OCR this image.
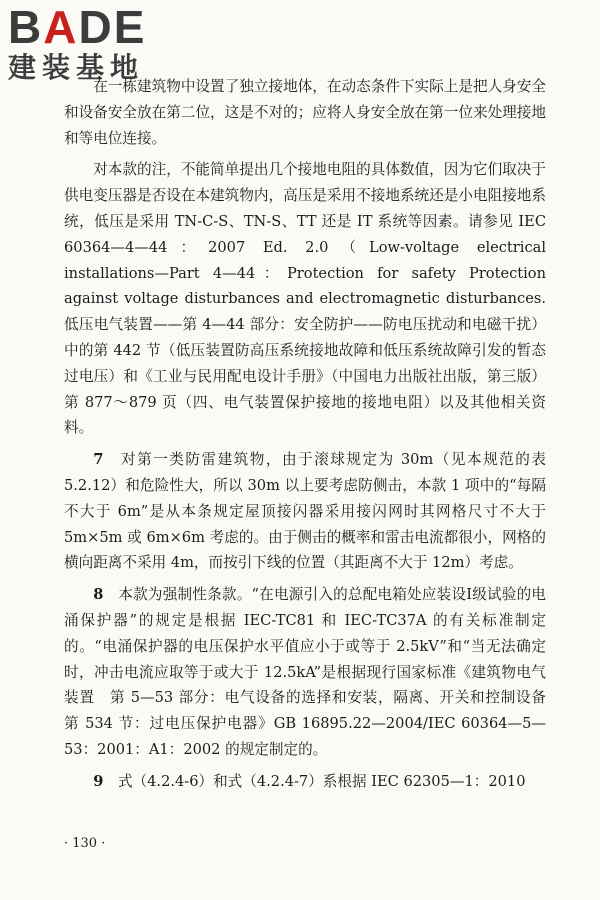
BADE
建装基地

在一栋建筑物中设置了独立接地体，在动态条件下实际上是把人身安全和设备安全放在第二位，这是不对的；应将人身安全放在第一位来处理接地和等电位连接。

对本款的注，不能简单提出几个接地电阻的具体数值，因为它们取决于供电变压器是否设在本建筑物内，高压是采用不接地系统还是小电阻接地系统，低压是采用 TN-C-S、TN-S、TT 还是 IT 系统等因素。请参见 IEC 60364—4—44：2007 Ed. 2.0（Low-voltage electrical installations—Part 4—44：Protection for safety Protection against voltage disturbances and electromagnetic disturbances. 低压电气装置——第 4—44 部分：安全防护——防电压扰动和电磁干扰）中的第 442 节（低压装置防高压系统接地故障和低压系统故障引发的暂态过电压）和《工业与民用配电设计手册》（中国电力出版社出版，第三版）第 877～879 页（四、电气装置保护接地的接地电阻）以及其他相关资料。

7　 对第一类防雷建筑物，由于滚球规定为 30m（见本规范的表 5.2.12）和危险性大，所以 30m 以上要考虑防侧击，本款 1 项中的“每隔不大于 6m”是从本条规定屋顶接闪器采用接闪网时其网格尺寸不大于 5m×5m 或 6m×6m 考虑的。由于侧击的概率和雷击电流都很小，网格的横向距离不采用 4m，而按引下线的位置（其距离不大于 12m）考虑。

8　 本款为强制性条款。“在电源引入的总配电箱处应装设Ⅰ级试验的电涌保护器”的规定是根据 IEC-TC81 和 IEC-TC37A 的有关标准制定的。“电涌保护器的电压保护水平值应小于或等于 2.5kV”和“当无法确定时，冲击电流应取等于或大于 12.5kA”是根据现行国家标准《建筑物电气装置　第 5—53 部分：电气设备的选择和安装，隔离、开关和控制设备　第 534 节：过电压保护电器》GB 16895.22—2004/IEC 60364—5—53：2001：A1：2002 的规定制定的。

9　 式（4.2.4-6）和式（4.2.4-7）系根据 IEC 62305—1：2010

· 130 ·
